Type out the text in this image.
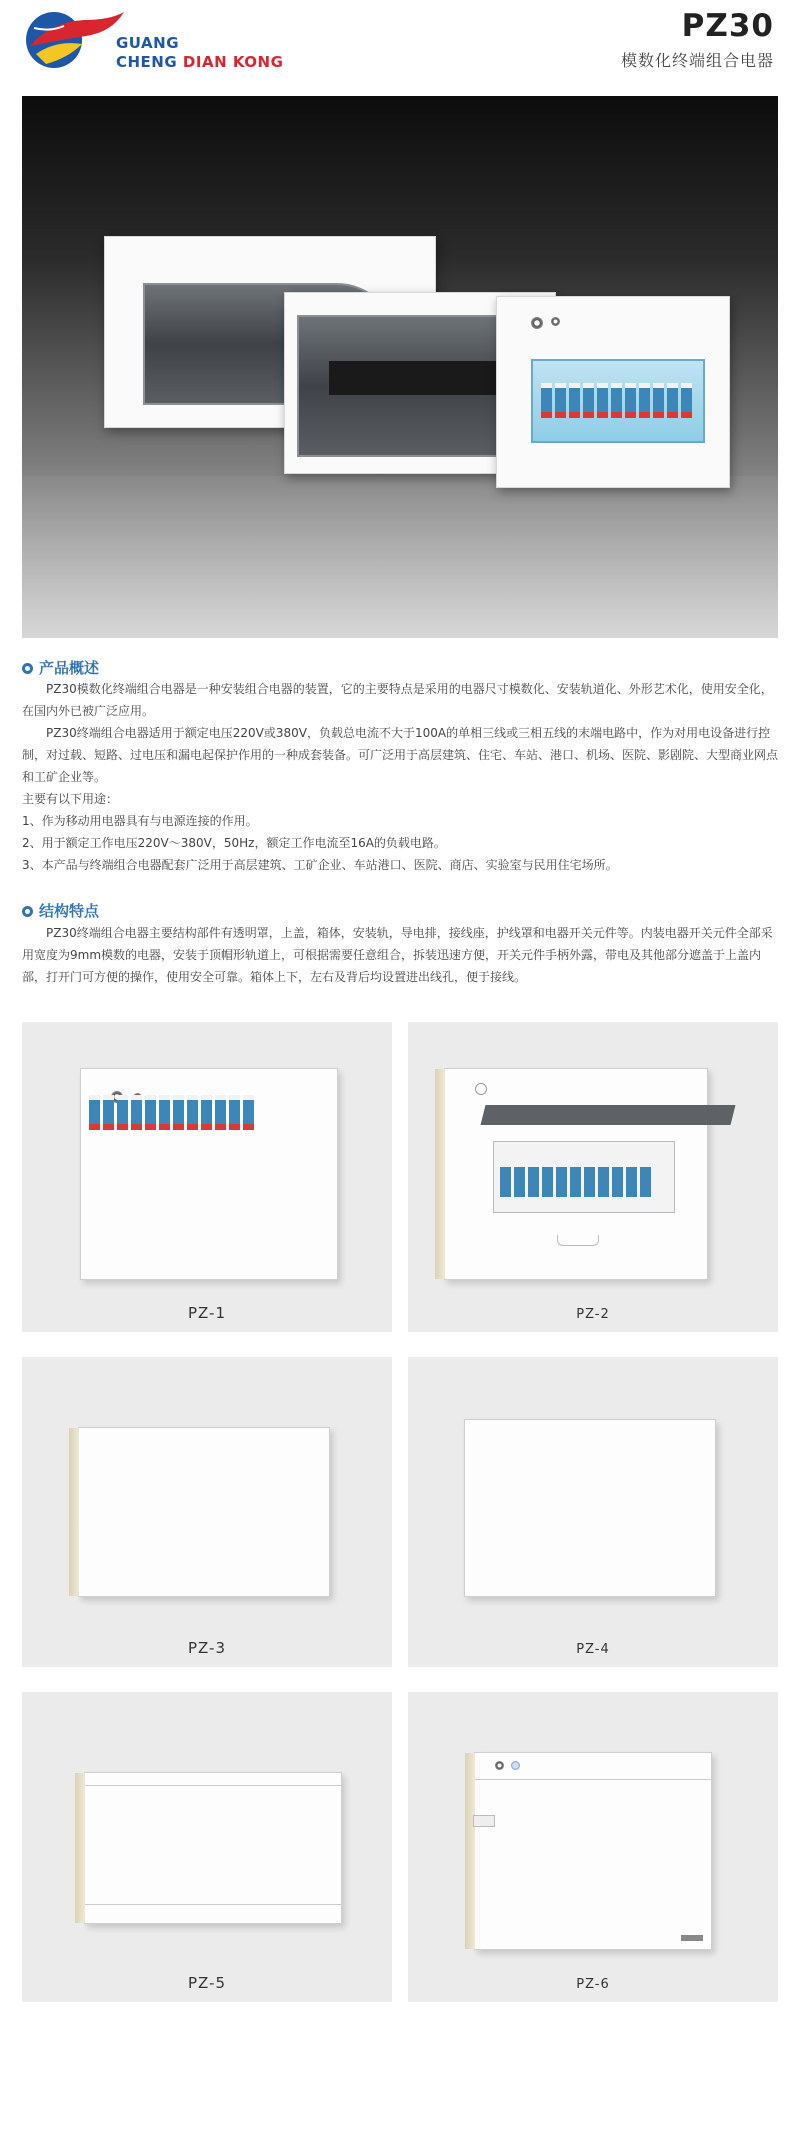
GUANG
CHENG DIAN KONG
PZ30
模数化终端组合电器
产品概述

PZ30模数化终端组合电器是一种安装组合电器的装置，它的主要特点是采用的电器尺寸模数化、安装轨道化、外形艺术化，使用安全化，在国内外已被广泛应用。

PZ30终端组合电器适用于额定电压220V或380V，负载总电流不大于100A的单相三线或三相五线的末端电路中，作为对用电设备进行控制，对过载、短路、过电压和漏电起保护作用的一种成套装备。可广泛用于高层建筑、住宅、车站、港口、机场、医院、影剧院、大型商业网点和工矿企业等。

主要有以下用途：

1、作为移动用电器具有与电源连接的作用。

2、用于额定工作电压220V～380V，50Hz，额定工作电流至16A的负载电路。

3、本产品与终端组合电器配套广泛用于高层建筑、工矿企业、车站港口、医院、商店、实验室与民用住宅场所。

结构特点

PZ30终端组合电器主要结构部件有透明罩，上盖，箱体，安装轨，导电排，接线座，护线罩和电器开关元件等。内装电器开关元件全部采用宽度为9mm模数的电器，安装于顶帽形轨道上，可根据需要任意组合，拆装迅速方便，开关元件手柄外露，带电及其他部分遮盖于上盖内部，打开门可方便的操作，使用安全可靠。箱体上下，左右及背后均设置进出线孔，便于接线。

PZ-1	PZ-2
PZ-3	PZ-4
PZ-5	PZ-6
